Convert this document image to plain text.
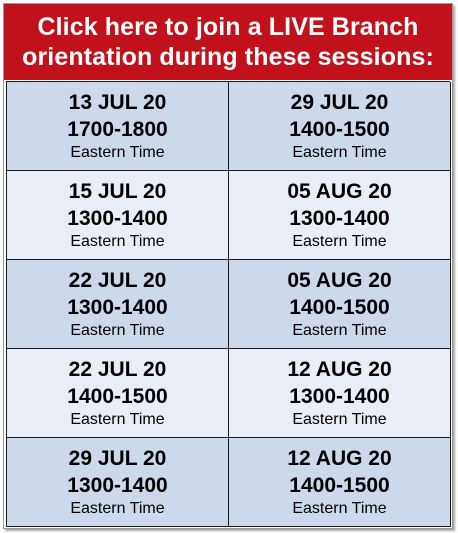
Click here to join a LIVE Branch
orientation during these sessions:
13 JUL 20
1700-1800
Eastern Time
29 JUL 20
1400-1500
Eastern Time
15 JUL 20
1300-1400
Eastern Time
05 AUG 20
1300-1400
Eastern Time
22 JUL 20
1300-1400
Eastern Time
05 AUG 20
1400-1500
Eastern Time
22 JUL 20
1400-1500
Eastern Time
12 AUG 20
1300-1400
Eastern Time
29 JUL 20
1300-1400
Eastern Time
12 AUG 20
1400-1500
Eastern Time
